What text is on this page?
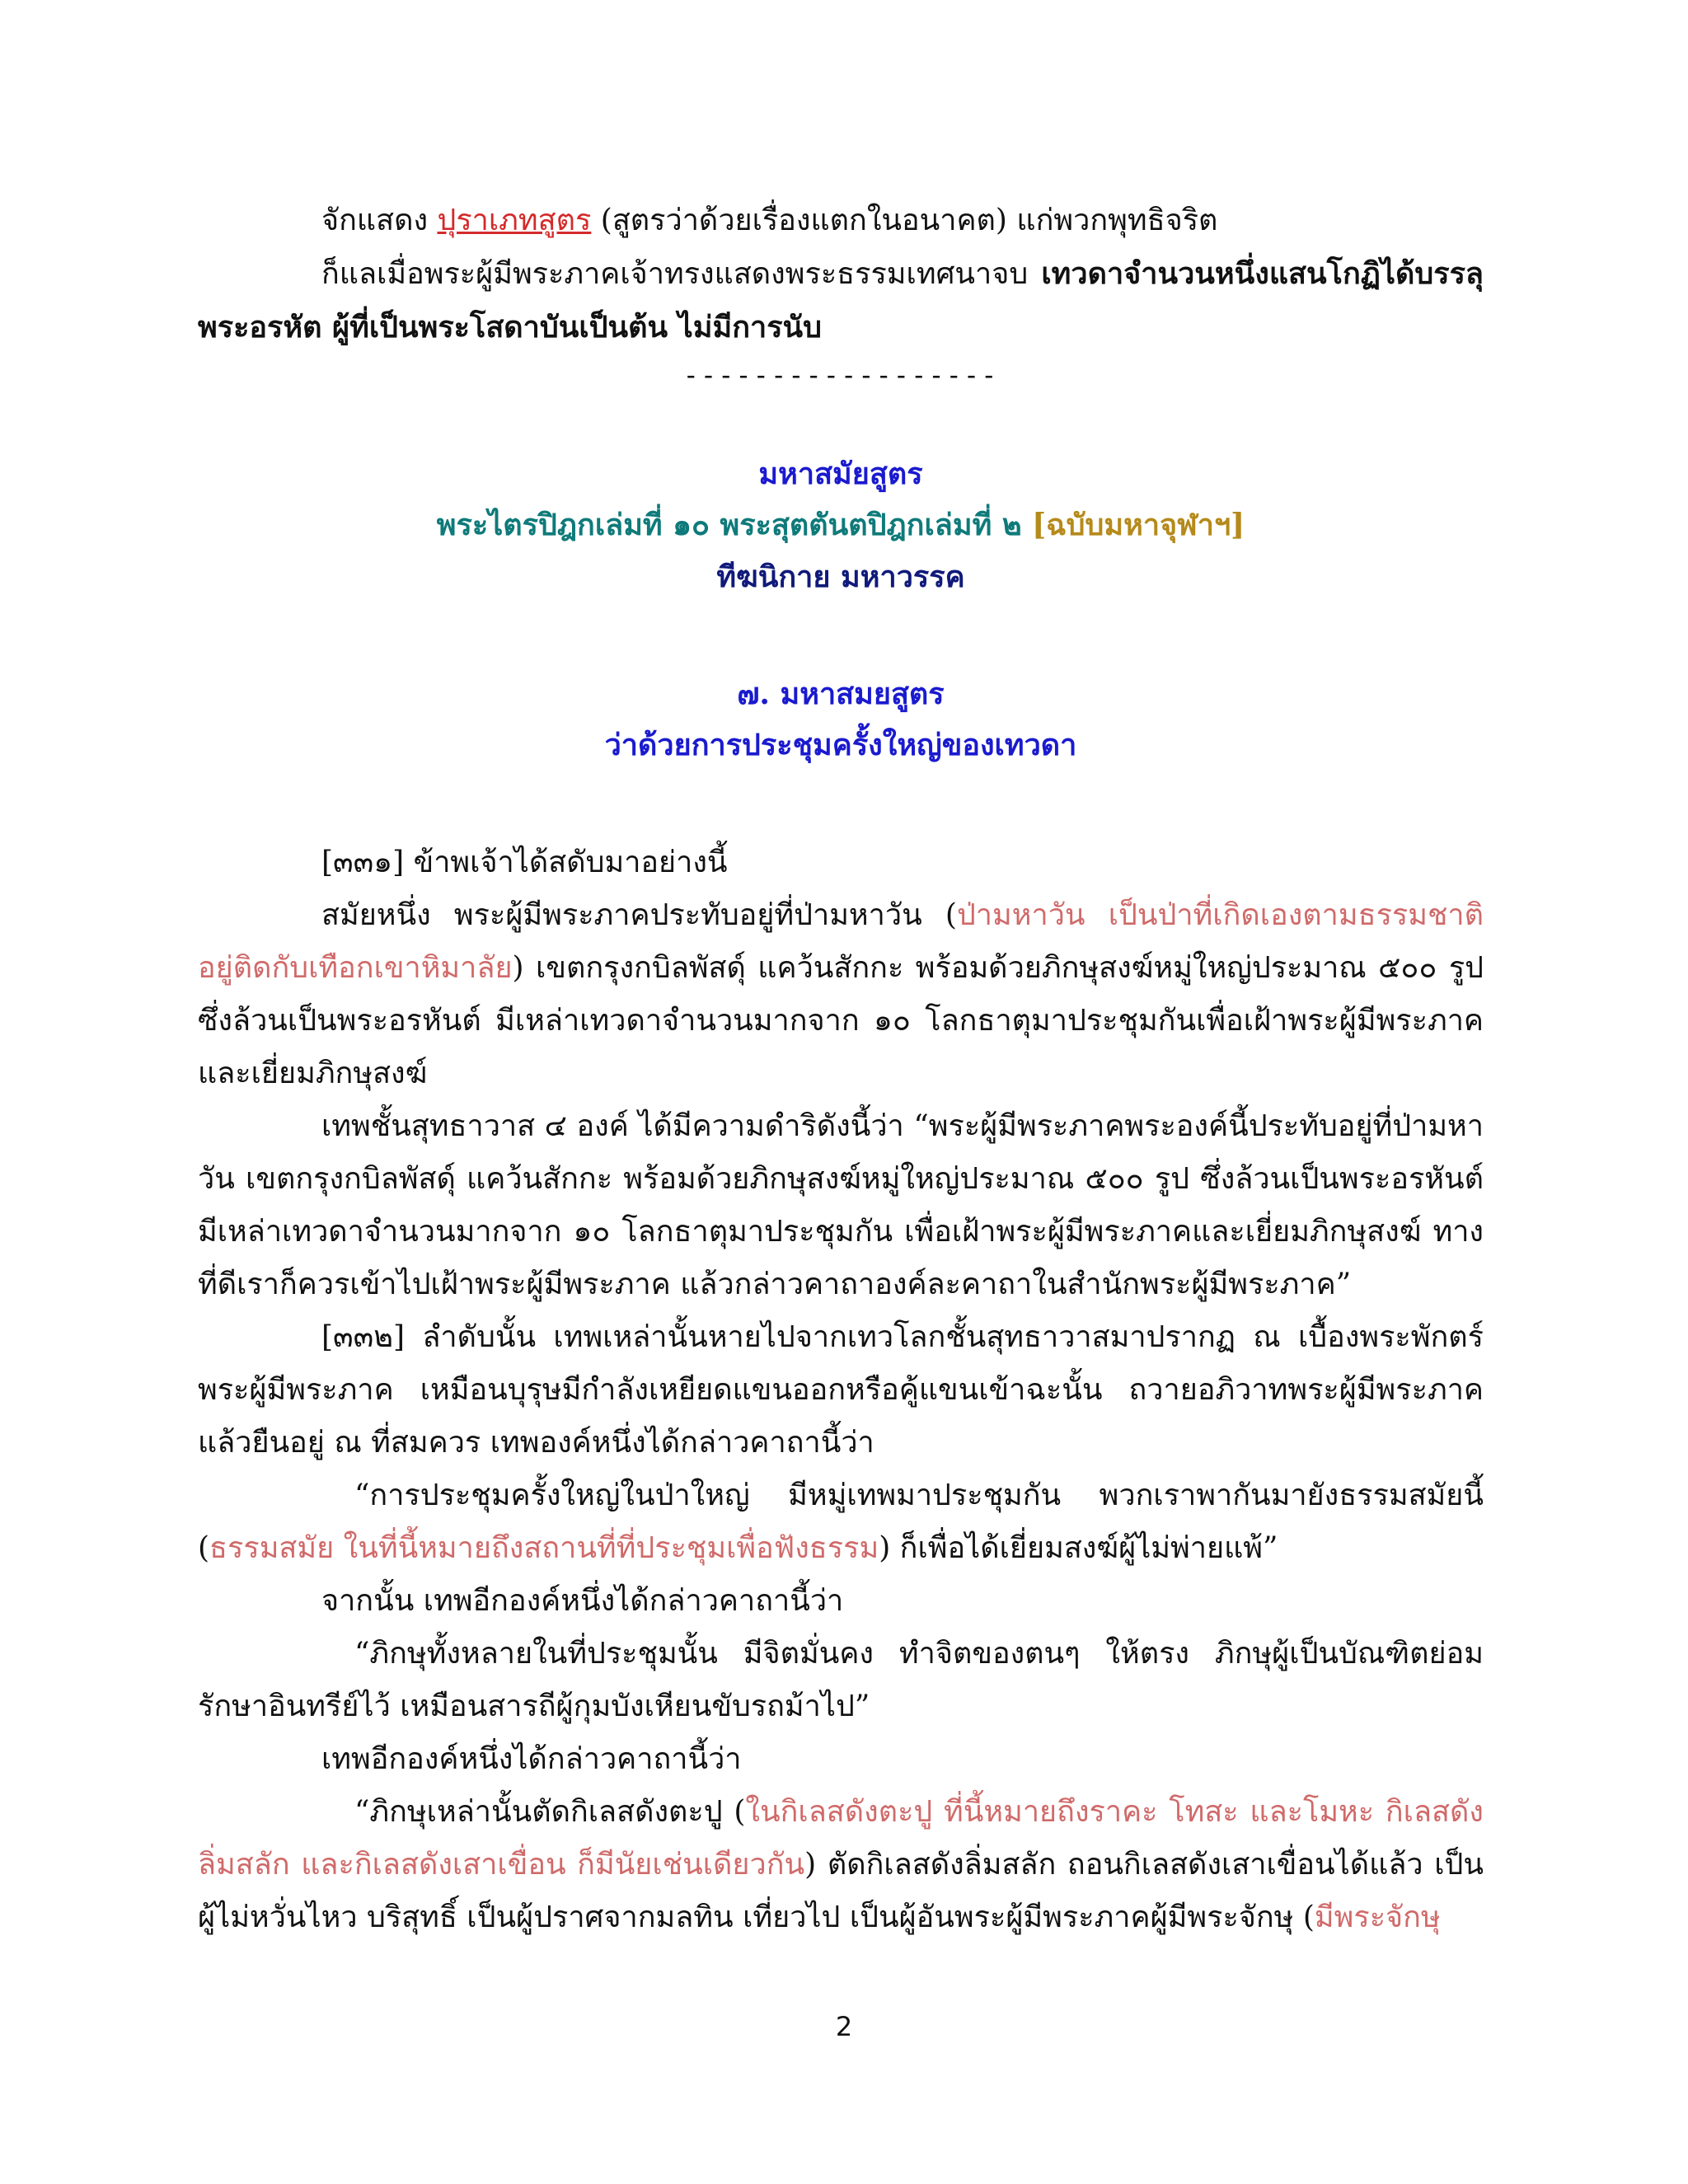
จักแสดง ปุราเภทสูตร (สูตรว่าด้วยเรื่องแตกในอนาคต) แก่พวกพุทธิจริต

ก็แลเมื่อพระผู้มีพระภาคเจ้าทรงแสดงพระธรรมเทศนาจบ เทวดาจำนวนหนึ่งแสนโกฏิได้บรรลุพระอรหัต ผู้ที่เป็นพระโสดาบันเป็นต้น ไม่มีการนับ

------------------

มหาสมัยสูตร

พระไตรปิฎกเล่มที่ ๑๐ พระสุตตันตปิฎกเล่มที่ ๒ [ฉบับมหาจุฬาฯ]

ทีฆนิกาย มหาวรรค

๗. มหาสมยสูตร

ว่าด้วยการประชุมครั้งใหญ่ของเทวดา

[๓๓๑] ข้าพเจ้าได้สดับมาอย่างนี้

สมัยหนึ่ง พระผู้มีพระภาคประทับอยู่ที่ป่ามหาวัน (ป่ามหาวัน เป็นป่าที่เกิดเองตามธรรมชาติ อยู่ติดกับเทือกเขาหิมาลัย) เขตกรุงกบิลพัสดุ์ แคว้นสักกะ พร้อมด้วยภิกษุสงฆ์หมู่ใหญ่ประมาณ ๕๐๐ รูป ซึ่งล้วนเป็นพระอรหันต์ มีเหล่าเทวดาจำนวนมากจาก ๑๐ โลกธาตุมาประชุมกันเพื่อเฝ้าพระผู้มีพระภาคและเยี่ยมภิกษุสงฆ์

เทพชั้นสุทธาวาส ๔ องค์ ได้มีความดำริดังนี้ว่า “พระผู้มีพระภาคพระองค์นี้ประทับอยู่ที่ป่ามหาวัน เขตกรุงกบิลพัสดุ์ แคว้นสักกะ พร้อมด้วยภิกษุสงฆ์หมู่ใหญ่ประมาณ ๕๐๐ รูป ซึ่งล้วนเป็นพระอรหันต์ มีเหล่าเทวดาจำนวนมากจาก ๑๐ โลกธาตุมาประชุมกัน เพื่อเฝ้าพระผู้มีพระภาคและเยี่ยมภิกษุสงฆ์ ทางที่ดีเราก็ควรเข้าไปเฝ้าพระผู้มีพระภาค แล้วกล่าวคาถาองค์ละคาถาในสำนักพระผู้มีพระภาค”

[๓๓๒] ลำดับนั้น เทพเหล่านั้นหายไปจากเทวโลกชั้นสุทธาวาสมาปรากฏ ณ เบื้องพระพักตร์พระผู้มีพระภาค เหมือนบุรุษมีกำลังเหยียดแขนออกหรือคู้แขนเข้าฉะนั้น ถวายอภิวาทพระผู้มีพระภาคแล้วยืนอยู่ ณ ที่สมควร เทพองค์หนึ่งได้กล่าวคาถานี้ว่า

“การประชุมครั้งใหญ่ในป่าใหญ่ มีหมู่เทพมาประชุมกัน พวกเราพากันมายังธรรมสมัยนี้ (ธรรมสมัย ในที่นี้หมายถึงสถานที่ที่ประชุมเพื่อฟังธรรม) ก็เพื่อได้เยี่ยมสงฆ์ผู้ไม่พ่ายแพ้”

จากนั้น เทพอีกองค์หนึ่งได้กล่าวคาถานี้ว่า

“ภิกษุทั้งหลายในที่ประชุมนั้น มีจิตมั่นคง ทำจิตของตนๆ ให้ตรง ภิกษุผู้เป็นบัณฑิตย่อมรักษาอินทรีย์ไว้ เหมือนสารถีผู้กุมบังเหียนขับรถม้าไป”

เทพอีกองค์หนึ่งได้กล่าวคาถานี้ว่า

“ภิกษุเหล่านั้นตัดกิเลสดังตะปู (ในกิเลสดังตะปู ที่นี้หมายถึงราคะ โทสะ และโมหะ กิเลสดังลิ่มสลัก และกิเลสดังเสาเขื่อน ก็มีนัยเช่นเดียวกัน) ตัดกิเลสดังลิ่มสลัก ถอนกิเลสดังเสาเขื่อนได้แล้ว เป็นผู้ไม่หวั่นไหว บริสุทธิ์ เป็นผู้ปราศจากมลทิน เที่ยวไป เป็นผู้อันพระผู้มีพระภาคผู้มีพระจักษุ (มีพระจักษุ

2
